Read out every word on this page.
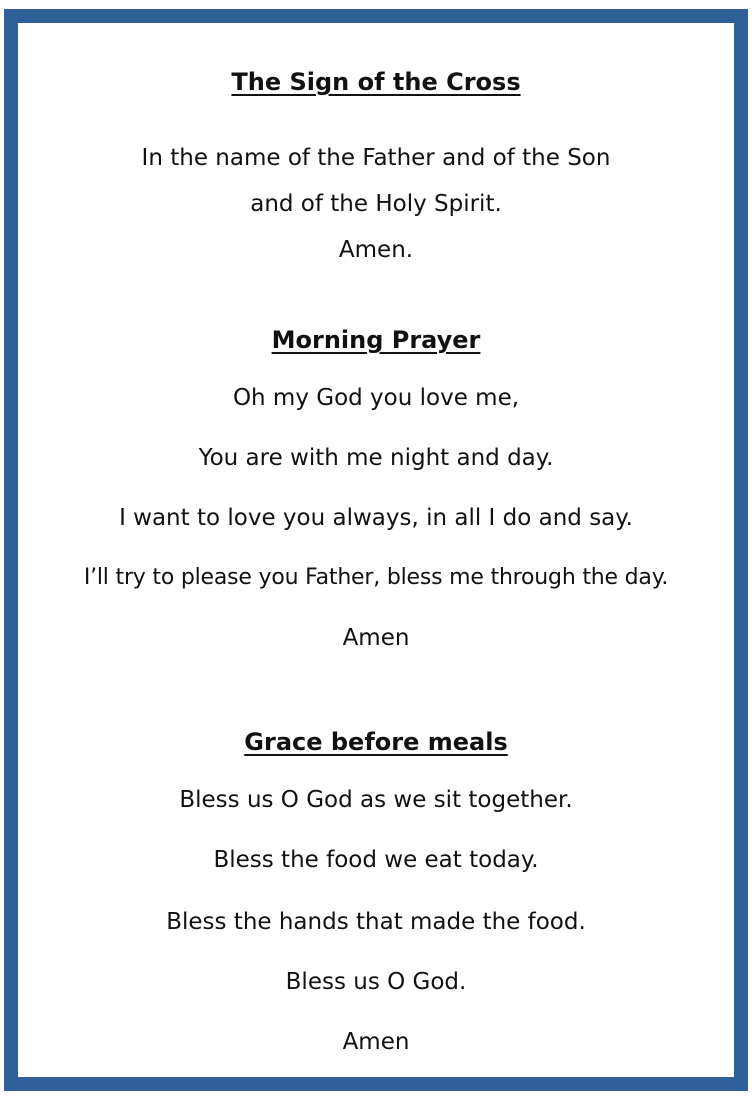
The Sign of the Cross
In the name of the Father and of the Son
and of the Holy Spirit.
Amen.
Morning Prayer
Oh my God you love me,
You are with me night and day.
I want to love you always, in all I do and say.
I’ll try to please you Father, bless me through the day.
Amen
Grace before meals
Bless us O God as we sit together.
Bless the food we eat today.
Bless the hands that made the food.
Bless us O God.
Amen
